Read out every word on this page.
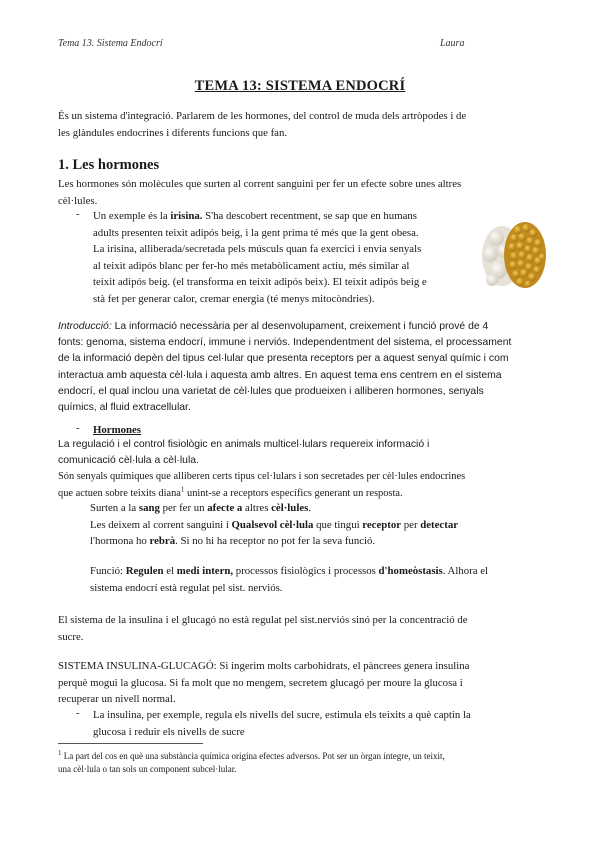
Tema 13. Sistema Endocrí	Laura
TEMA 13: SISTEMA ENDOCRÍ
És un sistema d'integració. Parlarem de les hormones, del control de muda dels artròpodes i de
les glàndules endocrines i diferents funcions que fan.
1. Les hormones
Les hormones són molècules que surten al corrent sanguini per fer un efecte sobre unes altres
cèl·lules.
- Un exemple és la irisina. S'ha descobert recentment, se sap que en humans
adults presenten teixit adipós beig, i la gent prima té més que la gent obesa.
La irisina, alliberada/secretada pels músculs quan fa exercici i envia senyals
al teixit adipós blanc per fer-ho més metabòlicament actiu, més similar al
teixit adipós beig. (el transforma en teixit adipós beix). El teixit adipós beig e
stà fet per generar calor, cremar energia (té menys mitocòndries).
Introducció: La informació necessària per al desenvolupament, creixement i funció prové de 4
fonts: genoma, sistema endocrí, immune i nerviós. Independentment del sistema, el processament
de la informació depèn del tipus cel·lular que presenta receptors per a aquest senyal químic i com
interactua amb aquesta cèl·lula i aquesta amb altres. En aquest tema ens centrem en el sistema
endocrí, el qual inclou una varietat de cèl·lules que produeixen i alliberen hormones, senyals
químics, al fluid extracellular.
- Hormones
La regulació i el control fisiològic en animals multicel·lulars requereix informació i
comunicació cèl·lula a cèl·lula.
Són senyals químiques que alliberen certs tipus cel·lulars i son secretades per cèl·lules endocrines
que actuen sobre teixits diana$^1$ unint-se a receptors específics generant un resposta.
Surten a la sang per fer un afecte a altres cèl·lules.
Les deixem al corrent sanguini i Qualsevol cèl·lula que tingui receptor per detectar
l'hormona ho rebrà. Si no hi ha receptor no pot fer la seva funció.
Funció: Regulen el medi intern, processos fisiològics i processos d'homeòstasis. Alhora el
sistema endocrí està regulat pel sist. nerviós.
El sistema de la insulina i el glucagó no està regulat pel sist.nerviós sinó per la concentració de
sucre.
SISTEMA INSULINA-GLUCAGÓ: Si ingerim molts carbohidrats, el pàncrees genera insulina
perquè mogui la glucosa. Si fa molt que no mengem, secretem glucagó per moure la glucosa i
recuperar un nivell normal.
- La insulina, per exemple, regula els nivells del sucre, estimula els teixits a què captin la
glucosa i reduir els nivells de sucre
$^1$ La part del cos en què una substància química origina efectes adversos. Pot ser un òrgan íntegre, un teixit,
una cèl·lula o tan sols un component subcel·lular.
